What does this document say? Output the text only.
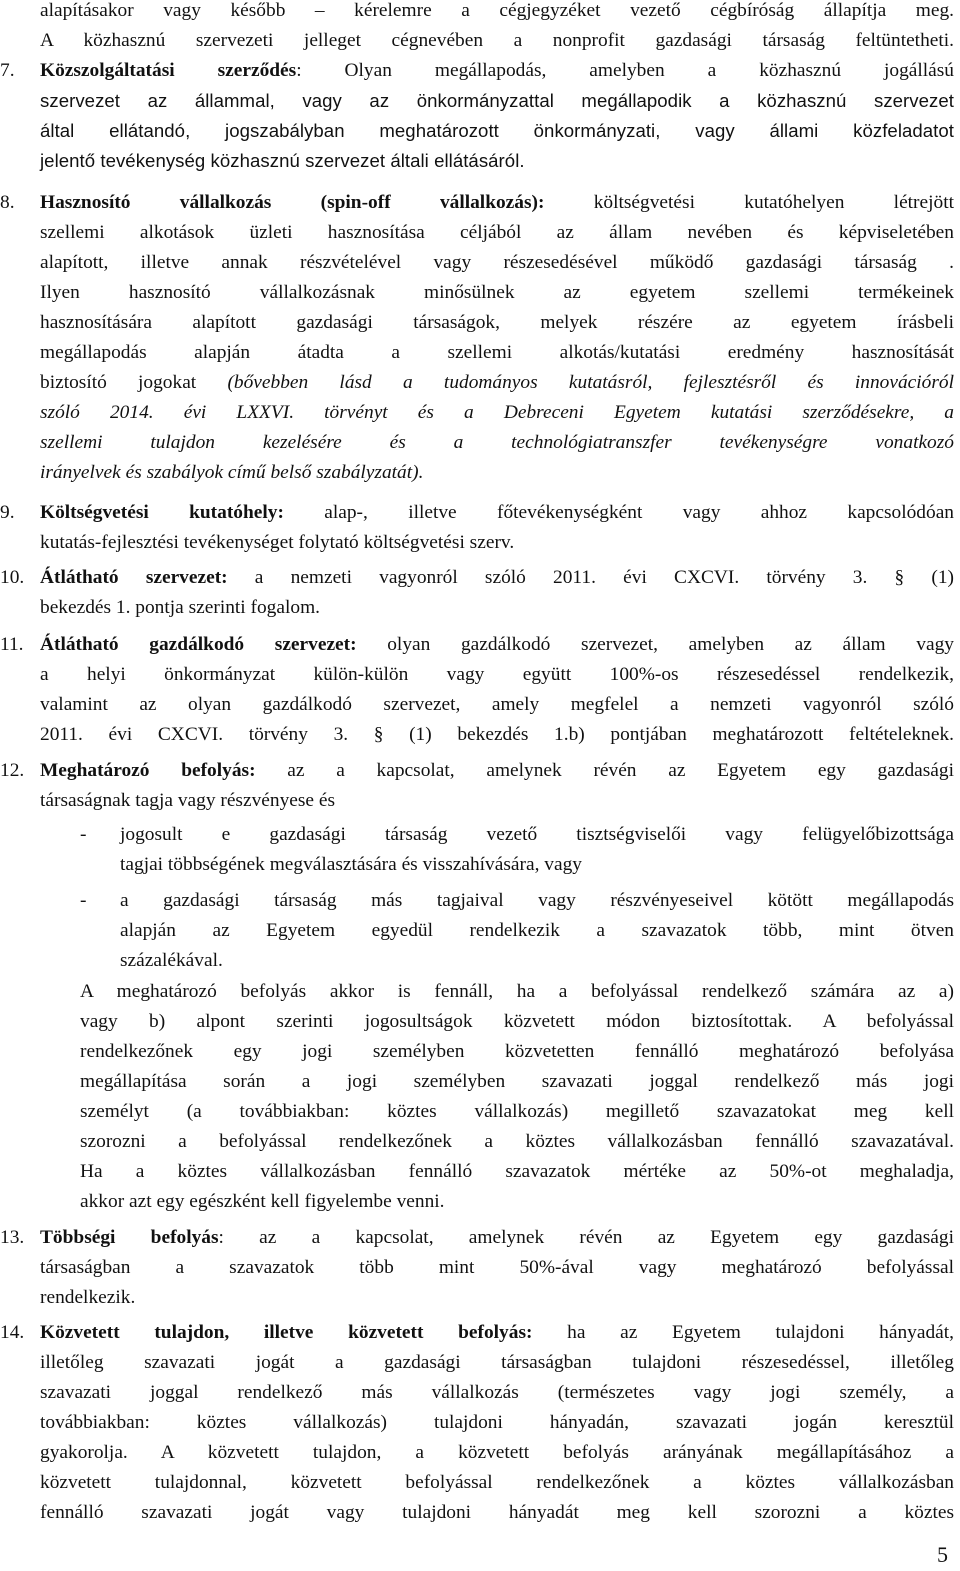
alapításakor vagy később – kérelemre a cégjegyzéket vezető cégbíróság állapítja meg.
A közhasznú szervezeti jelleget cégnevében a nonprofit gazdasági társaság feltüntetheti.
7. Közszolgáltatási szerződés: Olyan megállapodás, amelyben a közhasznú jogállású
szervezet az állammal, vagy az önkormányzattal megállapodik a közhasznú szervezet
által ellátandó, jogszabályban meghatározott önkormányzati, vagy állami közfeladatot
jelentő tevékenység közhasznú szervezet általi ellátásáról.
8. Hasznosító vállalkozás (spin-off vállalkozás): költségvetési kutatóhelyen létrejött
szellemi alkotások üzleti hasznosítása céljából az állam nevében és képviseletében
alapított, illetve annak részvételével vagy részesedésével működő gazdasági társaság .
Ilyen hasznosító vállalkozásnak minősülnek az egyetem szellemi termékeinek
hasznosítására alapított gazdasági társaságok, melyek részére az egyetem írásbeli
megállapodás alapján átadta a szellemi alkotás/kutatási eredmény hasznosítását
biztosító jogokat (bővebben lásd a tudományos kutatásról, fejlesztésről és innovációról
szóló 2014. évi LXXVI. törvényt és a Debreceni Egyetem kutatási szerződésekre, a
szellemi tulajdon kezelésére és a technológiatranszfer tevékenységre vonatkozó
irányelvek és szabályok című belső szabályzatát).
9. Költségvetési kutatóhely: alap-, illetve főtevékenységként vagy ahhoz kapcsolódóan
kutatás-fejlesztési tevékenységet folytató költségvetési szerv.
10. Átlátható szervezet: a nemzeti vagyonról szóló 2011. évi CXCVI. törvény 3. § (1)
bekezdés 1. pontja szerinti fogalom.
11. Átlátható gazdálkodó szervezet: olyan gazdálkodó szervezet, amelyben az állam vagy
a helyi önkormányzat külön-külön vagy együtt 100%-os részesedéssel rendelkezik,
valamint az olyan gazdálkodó szervezet, amely megfelel a nemzeti vagyonról szóló
2011. évi CXCVI. törvény 3. § (1) bekezdés 1.b) pontjában meghatározott feltételeknek.
12. Meghatározó befolyás: az a kapcsolat, amelynek révén az Egyetem egy gazdasági
társaságnak tagja vagy részvényese és
- jogosult e gazdasági társaság vezető tisztségviselői vagy felügyelőbizottsága
tagjai többségének megválasztására és visszahívására, vagy
- a gazdasági társaság más tagjaival vagy részvényeseivel kötött megállapodás
alapján az Egyetem egyedül rendelkezik a szavazatok több, mint ötven
százalékával.
A meghatározó befolyás akkor is fennáll, ha a befolyással rendelkező számára az a)
vagy b) alpont szerinti jogosultságok közvetett módon biztosítottak. A befolyással
rendelkezőnek egy jogi személyben közvetetten fennálló meghatározó befolyása
megállapítása során a jogi személyben szavazati joggal rendelkező más jogi
személyt (a továbbiakban: köztes vállalkozás) megillető szavazatokat meg kell
szorozni a befolyással rendelkezőnek a köztes vállalkozásban fennálló szavazatával.
Ha a köztes vállalkozásban fennálló szavazatok mértéke az 50%-ot meghaladja,
akkor azt egy egészként kell figyelembe venni.
13. Többségi befolyás: az a kapcsolat, amelynek révén az Egyetem egy gazdasági
társaságban a szavazatok több mint 50%-ával vagy meghatározó befolyással
rendelkezik.
14. Közvetett tulajdon, illetve közvetett befolyás: ha az Egyetem tulajdoni hányadát,
illetőleg szavazati jogát a gazdasági társaságban tulajdoni részesedéssel, illetőleg
szavazati joggal rendelkező más vállalkozás (természetes vagy jogi személy, a
továbbiakban: köztes vállalkozás) tulajdoni hányadán, szavazati jogán keresztül
gyakorolja. A közvetett tulajdon, a közvetett befolyás arányának megállapításához a
közvetett tulajdonnal, közvetett befolyással rendelkezőnek a köztes vállalkozásban
fennálló szavazati jogát vagy tulajdoni hányadát meg kell szorozni a köztes
5
